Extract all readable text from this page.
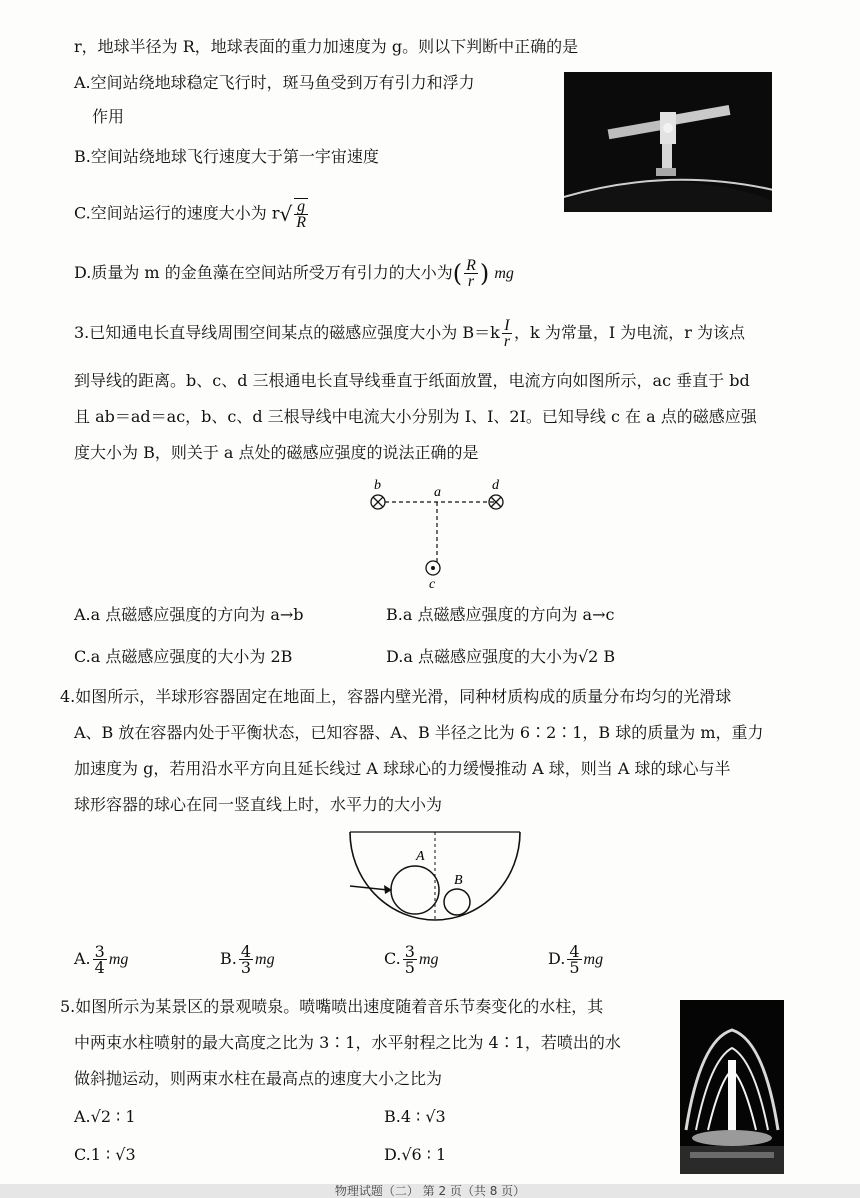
r，地球半径为 R，地球表面的重力加速度为 g。则以下判断中正确的是
A.空间站绕地球稳定飞行时，斑马鱼受到万有引力和浮力
作用
B.空间站绕地球飞行速度大于第一宇宙速度
C.空间站运行的速度大小为 $r√ \frac{g}{R}$
D.质量为 m 的金鱼藻在空间站所受万有引力的大小为( $\frac{R}{r}$ ) mg
3.已知通电长直导线周围空间某点的磁感应强度大小为 $B=k \frac{I}{r}$ ，k 为常量，I 为电流，r 为该点
到导线的距离。b、c、d 三根通电长直导线垂直于纸面放置，电流方向如图所示，ac 垂直于 bd
且 ab＝ad＝ac，b、c、d 三根导线中电流大小分别为 I、I、2I。已知导线 c 在 a 点的磁感应强
度大小为 B，则关于 a 点处的磁感应强度的说法正确的是
b	a	d
c
A.a 点磁感应强度的方向为 a→b	B.a 点磁感应强度的方向为 a→c
C.a 点磁感应强度的大小为 2B	D.a 点磁感应强度的大小为√2 B
4.如图所示，半球形容器固定在地面上，容器内壁光滑，同种材质构成的质量分布均匀的光滑球
A、B 放在容器内处于平衡状态，已知容器、A、B 半径之比为 6∶2∶1，B 球的质量为 m，重力
加速度为 g，若用沿水平方向且延长线过 A 球球心的力缓慢推动 A 球，则当 A 球的球心与半
球形容器的球心在同一竖直线上时，水平力的大小为
A
B
A. $\frac{3}{4}$ mg	B. $\frac{4}{3}$ mg	C. $\frac{3}{5}$ mg	D. $\frac{4}{5}$ mg
5.如图所示为某景区的景观喷泉。喷嘴喷出速度随着音乐节奏变化的水柱，其
中两束水柱喷射的最大高度之比为 3∶1，水平射程之比为 4∶1，若喷出的水
做斜抛运动，则两束水柱在最高点的速度大小之比为
A.√2 ∶ 1	B.4 ∶ √3
C.1 ∶ √3	D.√6 ∶ 1
物理试题（二） 第 2 页（共 8 页）
